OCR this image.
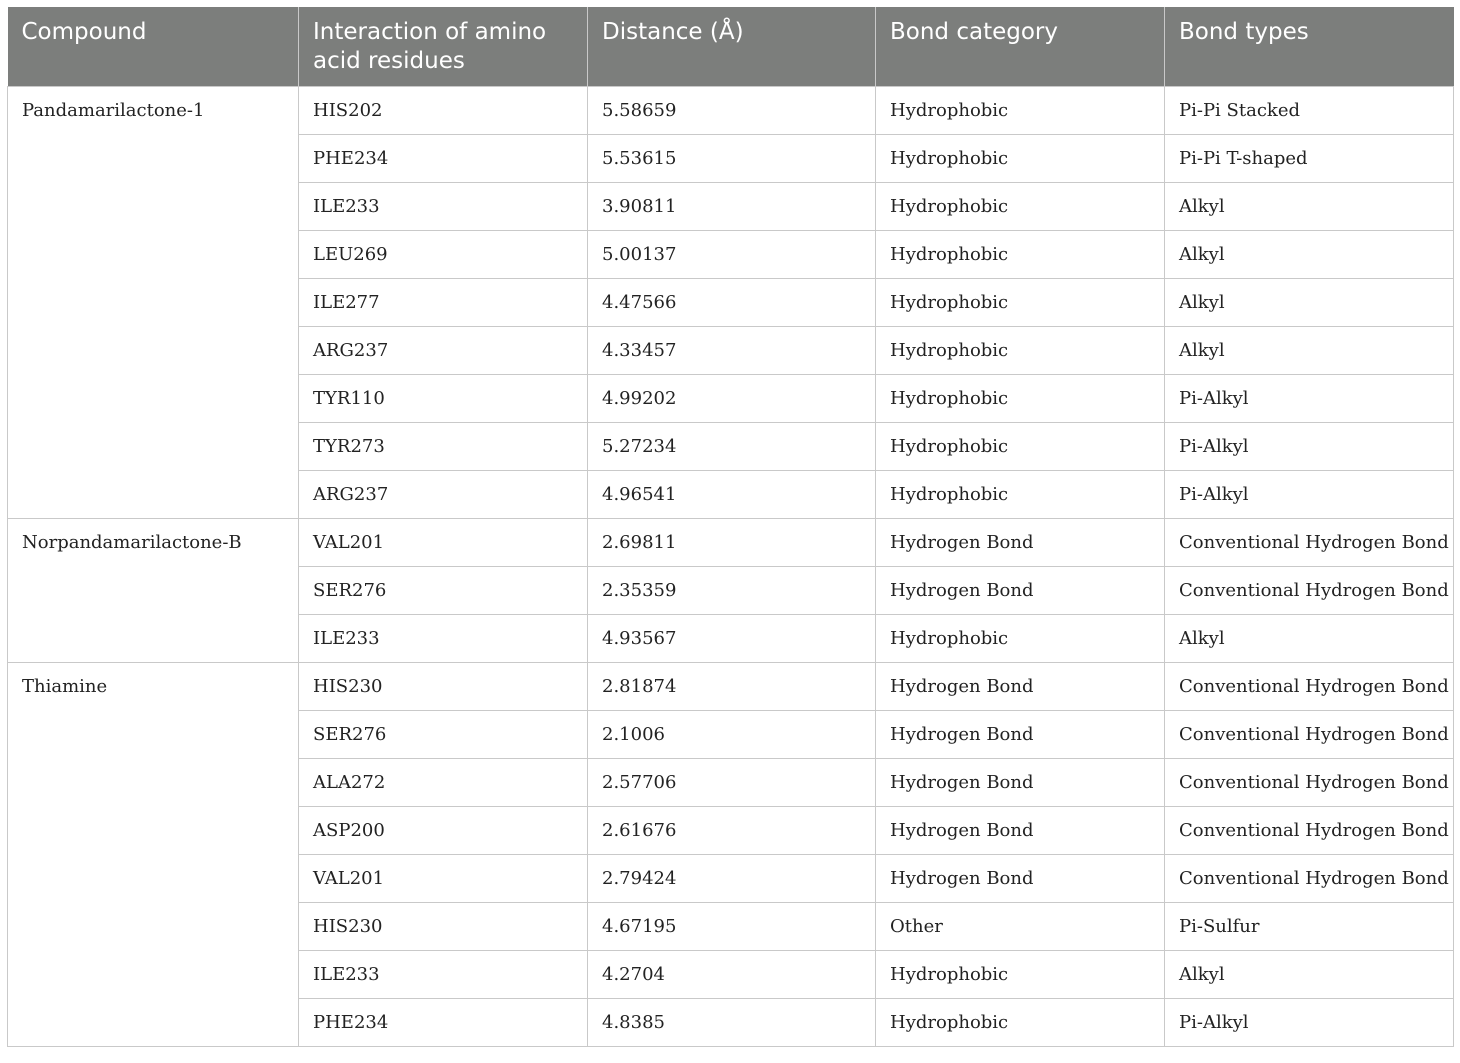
Compound	Interaction of amino acid residues	Distance (Å)	Bond category	Bond types
Pandamarilactone-1	HIS202	5.58659	Hydrophobic	Pi-Pi Stacked
	PHE234	5.53615	Hydrophobic	Pi-Pi T-shaped
	ILE233	3.90811	Hydrophobic	Alkyl
	LEU269	5.00137	Hydrophobic	Alkyl
	ILE277	4.47566	Hydrophobic	Alkyl
	ARG237	4.33457	Hydrophobic	Alkyl
	TYR110	4.99202	Hydrophobic	Pi-Alkyl
	TYR273	5.27234	Hydrophobic	Pi-Alkyl
	ARG237	4.96541	Hydrophobic	Pi-Alkyl
Norpandamarilactone-B	VAL201	2.69811	Hydrogen Bond	Conventional Hydrogen Bond
	SER276	2.35359	Hydrogen Bond	Conventional Hydrogen Bond
	ILE233	4.93567	Hydrophobic	Alkyl
Thiamine	HIS230	2.81874	Hydrogen Bond	Conventional Hydrogen Bond
	SER276	2.1006	Hydrogen Bond	Conventional Hydrogen Bond
	ALA272	2.57706	Hydrogen Bond	Conventional Hydrogen Bond
	ASP200	2.61676	Hydrogen Bond	Conventional Hydrogen Bond
	VAL201	2.79424	Hydrogen Bond	Conventional Hydrogen Bond
	HIS230	4.67195	Other	Pi-Sulfur
	ILE233	4.2704	Hydrophobic	Alkyl
	PHE234	4.8385	Hydrophobic	Pi-Alkyl
